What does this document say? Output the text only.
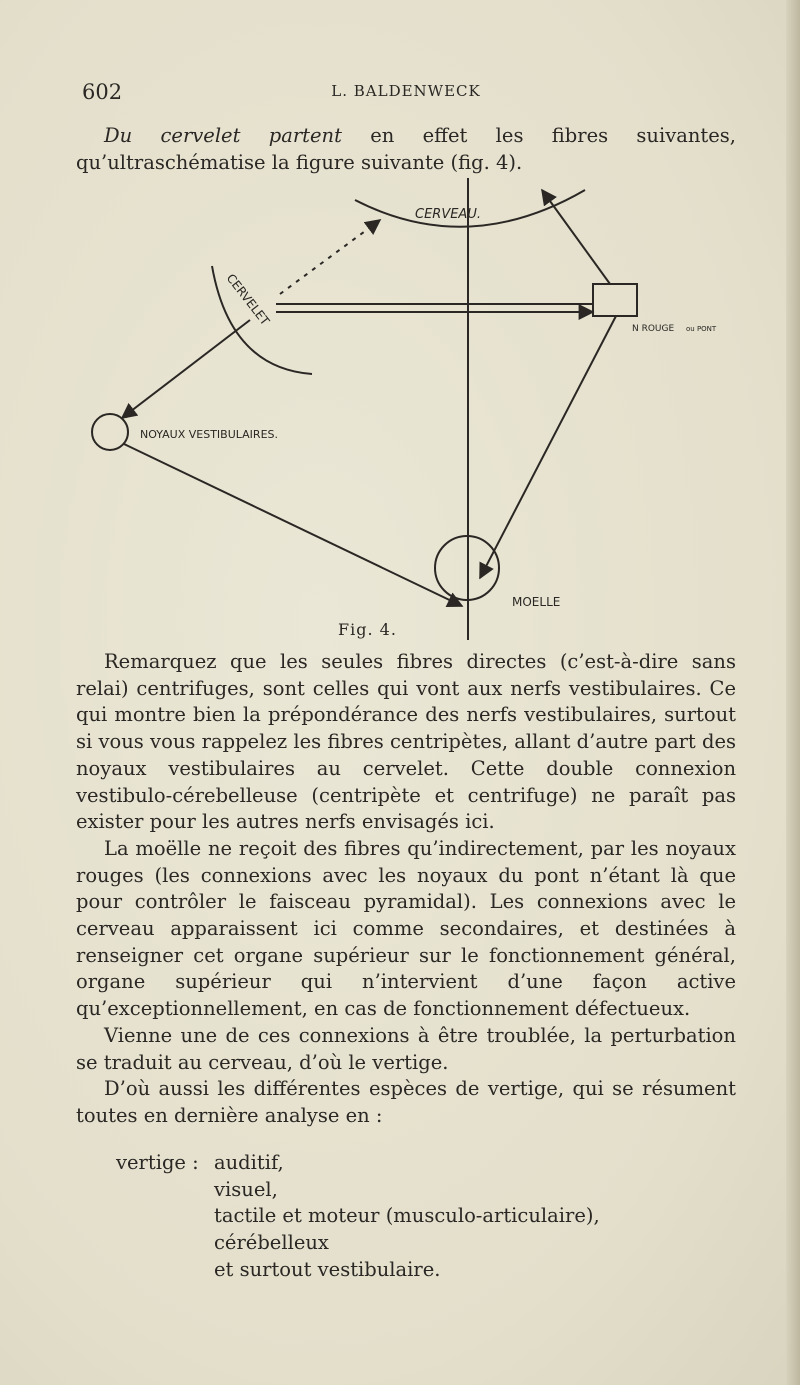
602	L. BALDENWECK

Du cervelet partent en effet les fibres suivantes, qu’ultraschématise la figure suivante (fig. 4).

CERVEAU.
CERVELET
N ROUGE ou PONT
NOYAUX VESTIBULAIRES.
MOELLE
Fig. 4.

Remarquez que les seules fibres directes (c’est-à-dire sans relai) centrifuges, sont celles qui vont aux nerfs vestibulaires. Ce qui montre bien la prépondérance des nerfs vestibulaires, surtout si vous vous rappelez les fibres centripètes, allant d’autre part des noyaux vestibulaires au cervelet. Cette double connexion vestibulo-cérebelleuse (centripète et centrifuge) ne paraît pas exister pour les autres nerfs envisagés ici.

La moëlle ne reçoit des fibres qu’indirectement, par les noyaux rouges (les connexions avec les noyaux du pont n’étant là que pour contrôler le faisceau pyramidal). Les connexions avec le cerveau apparaissent ici comme secondaires, et destinées à renseigner cet organe supérieur sur le fonctionnement général, organe supérieur qui n’intervient d’une façon active qu’exceptionnellement, en cas de fonctionnement défectueux.

Vienne une de ces connexions à être troublée, la perturbation se traduit au cerveau, d’où le vertige.

D’où aussi les différentes espèces de vertige, qui se résument toutes en dernière analyse en :

vertige : auditif,
visuel,
tactile et moteur (musculo-articulaire),
cérébelleux
et surtout vestibulaire.
